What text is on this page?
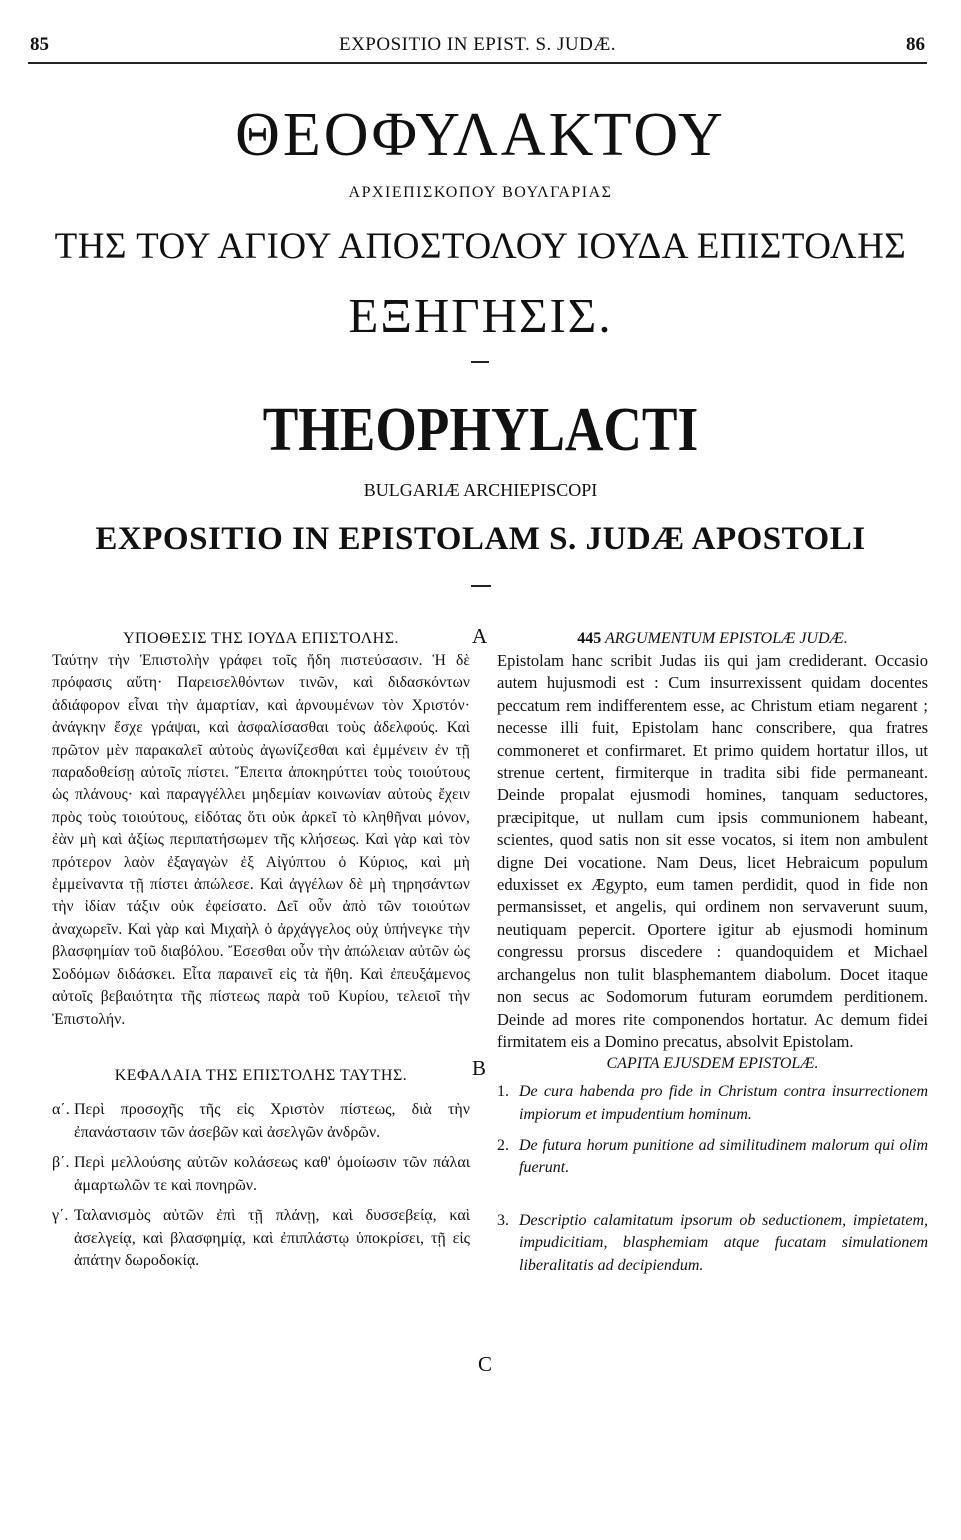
85	EXPOSITIO IN EPIST. S. JUDÆ.	86
ΘΕΟΦΥΛΑΚΤΟΥ
ΑΡΧΙΕΠΙΣΚΟΠΟΥ ΒΟΥΛΓΑΡΙΑΣ
ΤΗΣ ΤΟΥ ΑΓΙΟΥ ΑΠΟΣΤΟΛΟΥ ΙΟΥΔΑ ΕΠΙΣΤΟΛΗΣ
ΕΞΗΓΗΣΙΣ.
THEOPHYLACTI
BULGARIÆ ARCHIEPISCOPI
EXPOSITIO IN EPISTOLAM S. JUDÆ APOSTOLI
ΥΠΟΘΕΣΙΣ ΤΗΣ ΙΟΥΔΑ ΕΠΙΣΤΟΛΗΣ.

Ταύτην τὴν Ἐπιστολὴν γράφει τοῖς ἤδη πιστεύσασιν. Ἡ δὲ πρόφασις αὕτη· Παρεισελθόντων τινῶν, καὶ διδασκόντων ἀδιάφορον εἶναι τὴν ἁμαρτίαν, καὶ ἀρνουμένων τὸν Χριστόν· ἀνάγκην ἔσχε γράψαι, καὶ ἀσφαλίσασθαι τοὺς ἀδελφούς. Καὶ πρῶτον μὲν παρακαλεῖ αὐτοὺς ἀγωνίζεσθαι καὶ ἐμμένειν ἐν τῇ παραδοθείσῃ αὐτοῖς πίστει. Ἔπειτα ἀποκηρύττει τοὺς τοιούτους ὡς πλάνους· καὶ παραγγέλλει μηδεμίαν κοινωνίαν αὐτοὺς ἔχειν πρὸς τοὺς τοιούτους, εἰδότας ὅτι οὐκ ἀρκεῖ τὸ κληθῆναι μόνον, ἐὰν μὴ καὶ ἀξίως περιπατήσωμεν τῆς κλήσεως. Καὶ γὰρ καὶ τὸν πρότερον λαὸν ἐξαγαγὼν ἐξ Αἰγύπτου ὁ Κύριος, καὶ μὴ ἐμμείναντα τῇ πίστει ἀπώλεσε. Καὶ ἀγγέλων δὲ μὴ τηρησάντων τὴν ἰδίαν τάξιν οὐκ ἐφείσατο. Δεῖ οὖν ἀπὸ τῶν τοιούτων ἀναχωρεῖν. Καὶ γὰρ καὶ Μιχαὴλ ὁ ἀρχάγγελος οὐχ ὑπήνεγκε τὴν βλασφημίαν τοῦ διαβόλου. Ἔσεσθαι οὖν τὴν ἀπώλειαν αὐτῶν ὡς Σοδόμων διδάσκει. Εἶτα παραινεῖ εἰς τὰ ἤθη. Καὶ ἐπευξάμενος αὐτοῖς βεβαιότητα τῆς πίστεως παρὰ τοῦ Κυρίου, τελειοῖ τὴν Ἐπιστολήν.

ΚΕΦΑΛΑΙΑ ΤΗΣ ΕΠΙΣΤΟΛΗΣ ΤΑΥΤΗΣ.

α΄. Περὶ προσοχῆς τῆς εἰς Χριστὸν πίστεως, διὰ τὴν ἐπανάστασιν τῶν ἀσεβῶν καὶ ἀσελγῶν ἀνδρῶν.

β΄. Περὶ μελλούσης αὐτῶν κολάσεως καθ' ὁμοίωσιν τῶν πάλαι ἁμαρτωλῶν τε καὶ πονηρῶν.

γ΄. Ταλανισμὸς αὐτῶν ἐπὶ τῇ πλάνῃ, καὶ δυσσεβείᾳ, καὶ ἀσελγείᾳ, καὶ βλασφημίᾳ, καὶ ἐπιπλάστῳ ὑποκρίσει, τῇ εἰς ἀπάτην δωροδοκίᾳ.

445 ARGUMENTUM EPISTOLÆ JUDÆ.

Epistolam hanc scribit Judas iis qui jam crediderant. Occasio autem hujusmodi est : Cum insurrexissent quidam docentes peccatum rem indifferentem esse, ac Christum etiam negarent ; necesse illi fuit, Epistolam hanc conscribere, qua fratres commoneret et confirmaret. Et primo quidem hortatur illos, ut strenue certent, firmiterque in tradita sibi fide permaneant. Deinde propalat ejusmodi homines, tanquam seductores, præcipitque, ut nullam cum ipsis communionem habeant, scientes, quod satis non sit esse vocatos, si item non ambulent digne Dei vocatione. Nam Deus, licet Hebraicum populum eduxisset ex Ægypto, eum tamen perdidit, quod in fide non permansisset, et angelis, qui ordinem non servaverunt suum, neutiquam pepercit. Oportere igitur ab ejusmodi hominum congressu prorsus discedere : quandoquidem et Michael archangelus non tulit blasphemantem diabolum. Docet itaque non secus ac Sodomorum futuram eorumdem perditionem. Deinde ad mores rite componendos hortatur. Ac demum fidei firmitatem eis a Domino precatus, absolvit Epistolam.

CAPITA EJUSDEM EPISTOLÆ.

1. De cura habenda pro fide in Christum contra insurrectionem impiorum et impudentium hominum.

2. De futura horum punitione ad similitudinem malorum qui olim fuerunt.

3. Descriptio calamitatum ipsorum ob seductionem, impietatem, impudicitiam, blasphemiam atque fucatam simulationem liberalitatis ad decipiendum.

A
B
C
